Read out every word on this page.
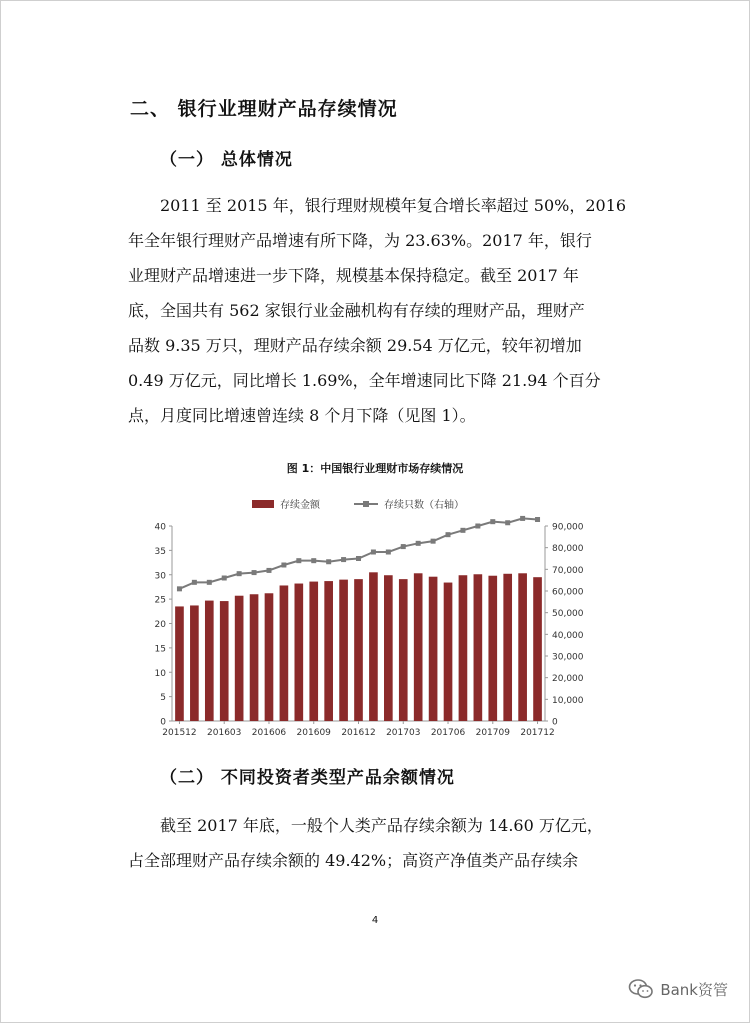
二、 银行业理财产品存续情况
（一） 总体情况
2011 至 2015 年，银行理财规模年复合增长率超过 50%，2016
年全年银行理财产品增速有所下降，为 23.63%。2017 年，银行
业理财产品增速进一步下降，规模基本保持稳定。截至 2017 年
底，全国共有 562 家银行业金融机构有存续的理财产品，理财产
品数 9.35 万只，理财产品存续余额 29.54 万亿元，较年初增加
0.49 万亿元，同比增长 1.69%，全年增速同比下降 21.94 个百分
点，月度同比增速曾连续 8 个月下降（见图 1）。
图 1：中国银行业理财市场存续情况
存续金额	存续只数（右轴）
0
5
10
15
20
25
30
35
40
0
10,000
20,000
30,000
40,000
50,000
60,000
70,000
80,000
90,000
201512 201603 201606 201609 201612 201703 201706 201709 201712
（二） 不同投资者类型产品余额情况
截至 2017 年底，一般个人类产品存续余额为 14.60 万亿元，
占全部理财产品存续余额的 49.42%；高资产净值类产品存续余
4
Bank资管
